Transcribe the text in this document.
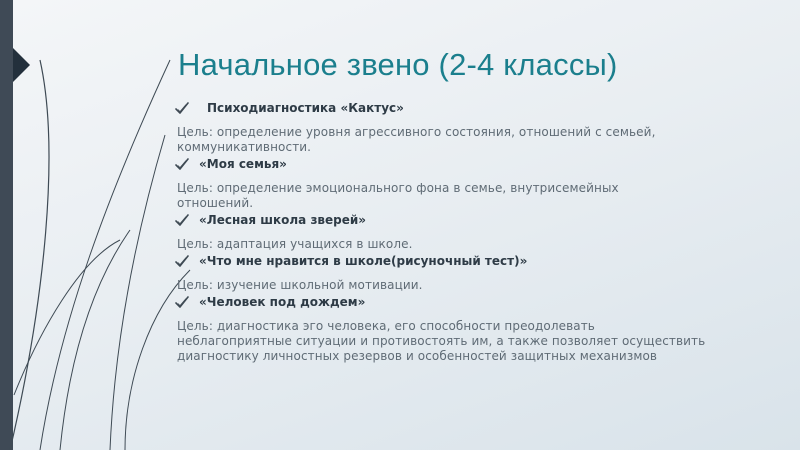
Начальное звено (2-4 классы)
Психодиагностика «Кактус»
Цель: определение уровня агрессивного состояния, отношений с семьей,
коммуникативности.
«Моя семья»
Цель: определение эмоционального фона в семье, внутрисемейных
отношений.
«Лесная школа зверей»
Цель: адаптация учащихся в школе.
«Что мне нравится в школе(рисуночный тест)»
Цель: изучение школьной мотивации.
«Человек под дождем»
Цель: диагностика эго человека, его способности преодолевать
неблагоприятные ситуации и противостоять им, а также позволяет осуществить
диагностику личностных резервов и особенностей защитных механизмов
